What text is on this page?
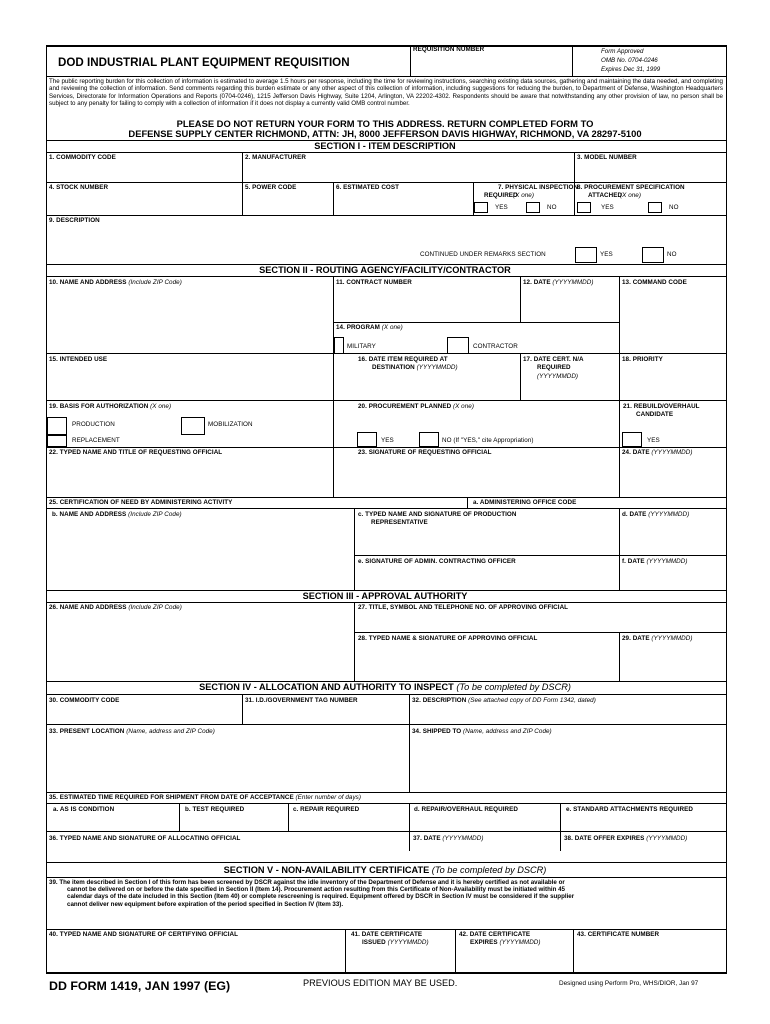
DOD INDUSTRIAL PLANT EQUIPMENT REQUISITION
REQUISITION NUMBER	Form Approved
OMB No. 0704-0246
Expires Dec 31, 1999
The public reporting burden for this collection of information is estimated to average 1.5 hours per response, including the time for reviewing instructions, searching existing data sources, gathering and maintaining the data needed, and completing and reviewing the collection of information. Send comments regarding this burden estimate or any other aspect of this collection of information, including suggestions for reducing the burden, to Department of Defense, Washington Headquarters Services, Directorate for Information Operations and Reports (0704-0246), 1215 Jefferson Davis Highway, Suite 1204, Arlington, VA 22202-4302. Respondents should be aware that notwithstanding any other provision of law, no person shall be subject to any penalty for failing to comply with a collection of information if it does not display a currently valid OMB control number.
PLEASE DO NOT RETURN YOUR FORM TO THIS ADDRESS. RETURN COMPLETED FORM TO
DEFENSE SUPPLY CENTER RICHMOND, ATTN: JH, 8000 JEFFERSON DAVIS HIGHWAY, RICHMOND, VA 28297-5100
SECTION I - ITEM DESCRIPTION
1. COMMODITY CODE	2. MANUFACTURER	3. MODEL NUMBER
4. STOCK NUMBER	5. POWER CODE	6. ESTIMATED COST	7. PHYSICAL INSPECTION
REQUIRED
(X one)
8. PROCUREMENT SPECIFICATION
ATTACHED
(X one)
YES	NO	YES	NO
9. DESCRIPTION
CONTINUED UNDER REMARKS SECTION	YES	NO
SECTION II - ROUTING AGENCY/FACILITY/CONTRACTOR
10. NAME AND ADDRESS (Include ZIP Code)	11. CONTRACT NUMBER	12. DATE (YYYYMMDD)	13. COMMAND CODE
14. PROGRAM (X one)
MILITARY	CONTRACTOR
15. INTENDED USE	16. DATE ITEM REQUIRED AT
DESTINATION (YYYYMMDD)
17. DATE CERT. N/A
REQUIRED
(YYYYMMDD)
18. PRIORITY
19. BASIS FOR AUTHORIZATION (X one)
PRODUCTION	MOBILIZATION
REPLACEMENT
20. PROCUREMENT PLANNED (X one)
YES	NO (If "YES," cite Appropriation)
21. REBUILD/OVERHAUL
CANDIDATE
YES
22. TYPED NAME AND TITLE OF REQUESTING OFFICIAL	23. SIGNATURE OF REQUESTING OFFICIAL	24. DATE (YYYYMMDD)
25. CERTIFICATION OF NEED BY ADMINISTERING ACTIVITY	a. ADMINISTERING OFFICE CODE
b. NAME AND ADDRESS (Include ZIP Code)	c. TYPED NAME AND SIGNATURE OF PRODUCTION
REPRESENTATIVE
d. DATE (YYYYMMDD)
e. SIGNATURE OF ADMIN. CONTRACTING OFFICER	f. DATE (YYYYMMDD)
SECTION III - APPROVAL AUTHORITY
26. NAME AND ADDRESS (Include ZIP Code)	27. TITLE, SYMBOL AND TELEPHONE NO. OF APPROVING OFFICIAL
28. TYPED NAME & SIGNATURE OF APPROVING OFFICIAL	29. DATE (YYYYMMDD)
SECTION IV - ALLOCATION AND AUTHORITY TO INSPECT (To be completed by DSCR)
30. COMMODITY CODE	31. I.D./GOVERNMENT TAG NUMBER	32. DESCRIPTION (See attached copy of DD Form 1342, dated)
33. PRESENT LOCATION (Name, address and ZIP Code)	34. SHIPPED TO (Name, address and ZIP Code)
35. ESTIMATED TIME REQUIRED FOR SHIPMENT FROM DATE OF ACCEPTANCE (Enter number of days)
a. AS IS CONDITION	b. TEST REQUIRED	c. REPAIR REQUIRED	d. REPAIR/OVERHAUL REQUIRED	e. STANDARD ATTACHMENTS REQUIRED
36. TYPED NAME AND SIGNATURE OF ALLOCATING OFFICIAL	37. DATE (YYYYMMDD)	38. DATE OFFER EXPIRES (YYYYMMDD)
SECTION V - NON-AVAILABILITY CERTIFICATE (To be completed by DSCR)
39. The item described in Section I of this form has been screened by DSCR against the idle inventory of the Department of Defense and it is hereby certified as not available or
cannot be delivered on or before the date specified in Section II (Item 14). Procurement action resulting from this Certificate of Non-Availability must be initiated within 45
calendar days of the date included in this Section (Item 40) or complete rescreening is required. Equipment offered by DSCR in Section IV must be considered if the supplier
cannot deliver new equipment before expiration of the period specified in Section IV (Item 33).
40. TYPED NAME AND SIGNATURE OF CERTIFYING OFFICIAL	41. DATE CERTIFICATE
ISSUED (YYYYMMDD)
42. DATE CERTIFICATE
EXPIRES (YYYYMMDD)
43. CERTIFICATE NUMBER
DD FORM 1419, JAN 1997 (EG)	PREVIOUS EDITION MAY BE USED.	Designed using Perform Pro, WHS/DIOR, Jan 97
